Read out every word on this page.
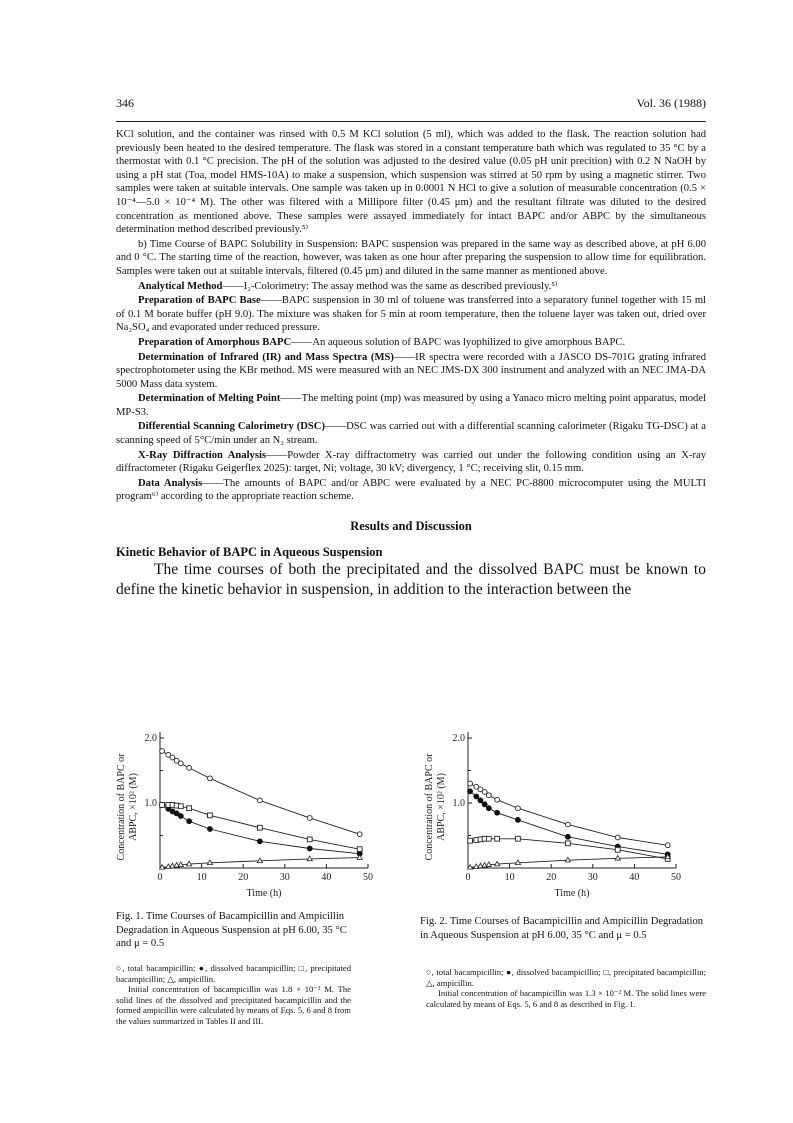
346	Vol. 36 (1988)

KCl solution, and the container was rinsed with 0.5 M KCl solution (5 ml), which was added to the flask. The reaction solution had previously been heated to the desired temperature. The flask was stored in a constant temperature bath which was regulated to 35 °C by a thermostat with 0.1 °C precision. The pH of the solution was adjusted to the desired value (0.05 pH unit precition) with 0.2 N NaOH by using a pH stat (Toa, model HMS-10A) to make a suspension, which suspension was stirred at 50 rpm by using a magnetic stirrer. Two samples were taken at suitable intervals. One sample was taken up in 0.0001 N HCl to give a solution of measurable concentration (0.5 × 10⁻⁴—5.0 × 10⁻⁴ M). The other was filtered with a Millipore filter (0.45 μm) and the resultant filtrate was diluted to the desired concentration as mentioned above. These samples were assayed immediately for intact BAPC and/or ABPC by the simultaneous determination method described previously.⁵⁾

b) Time Course of BAPC Solubility in Suspension: BAPC suspension was prepared in the same way as described above, at pH 6.00 and 0 °C. The starting time of the reaction, however, was taken as one hour after preparing the suspension to allow time for equilibration. Samples were taken out at suitable intervals, filtered (0.45 μm) and diluted in the same manner as mentioned above.

Analytical Method——I₂-Colorimetry: The assay method was the same as described previously.⁵⁾

Preparation of BAPC Base——BAPC suspension in 30 ml of toluene was transferred into a separatory funnel together with 15 ml of 0.1 M borate buffer (pH 9.0). The mixture was shaken for 5 min at room temperature, then the toluene layer was taken out, dried over Na₂SO₄ and evaporated under reduced pressure.

Preparation of Amorphous BAPC——An aqueous solution of BAPC was lyophilized to give amorphous BAPC.

Determination of Infrared (IR) and Mass Spectra (MS)——IR spectra were recorded with a JASCO DS-701G grating infrared spectrophotometer using the KBr method. MS were measured with an NEC JMS-DX 300 instrument and analyzed with an NEC JMA-DA 5000 Mass data system.

Determination of Melting Point——The melting point (mp) was measured by using a Yanaco micro melting point apparatus, model MP-S3.

Differential Scanning Calorimetry (DSC)——DSC was carried out with a differential scanning calorimeter (Rigaku TG-DSC) at a scanning speed of 5°C/min under an N₂ stream.

X-Ray Diffraction Analysis——Powder X-ray diffractometry was carried out under the following condition using an X-ray diffractometer (Rigaku Geigerflex 2025): target, Ni; voltage, 30 kV; divergency, 1 °C; receiving slit, 0.15 mm.

Data Analysis——The amounts of BAPC and/or ABPC were evaluated by a NEC PC-8800 microcomputer using the MULTI program⁶⁾ according to the appropriate reaction scheme.

Results and Discussion
Kinetic Behavior of BAPC in Aqueous Suspension

The time courses of both the precipitated and the dissolved BAPC must be known to define the kinetic behavior in suspension, in addition to the interaction between the

0	10	20	30	40	50
1.0
2.0
Time (h)
Concentration of BAPC or ABPC, ×10² (M)

Fig. 1. Time Courses of Bacampicillin and Ampicillin Degradation in Aqueous Suspension at pH 6.00, 35 °C and μ = 0.5

○, total bacampicillin; ●, dissolved bacampicillin; □, precipitated bacampicillin; △, ampicillin.

Initial concentration of bacampicillin was 1.8 × 10⁻² M. The solid lines of the dissolved and precipitated bacampicillin and the formed ampicillin were calculated by means of Eqs. 5, 6 and 8 from the values summarized in Tables II and III.

0	10	20	30	40	50
1.0
2.0
Time (h)
Concentration of BAPC or ABPC, ×10² (M)

Fig. 2. Time Courses of Bacampicillin and Ampicillin Degradation in Aqueous Suspension at pH 6.00, 35 °C and μ = 0.5

○, total bacampicillin; ●, dissolved bacampicillin; □, precipitated bacampicillin; △, ampicillin.

Initial concentration of bacampicillin was 1.3 × 10⁻² M. The solid lines were calculated by means of Eqs. 5, 6 and 8 as described in Fig. 1.
